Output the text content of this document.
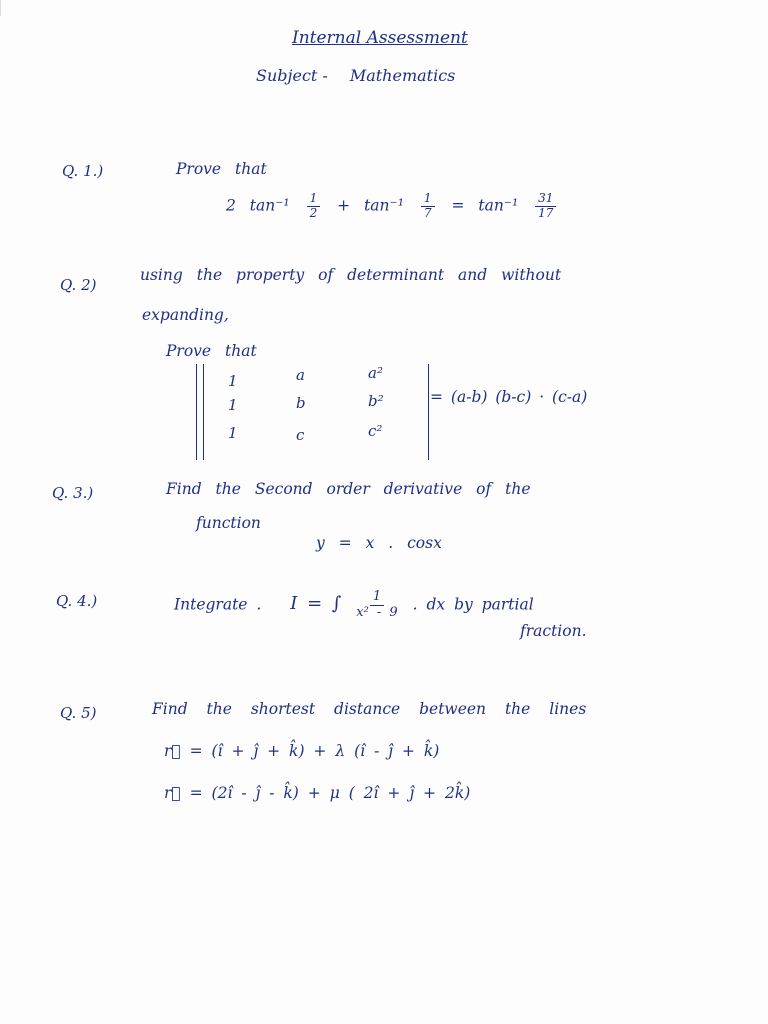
Internal Assessment
Subject - Mathematics
Q. 1.)	Prove that
2 $\tan^{-1} \frac{1}{2} + \tan^{-1} \frac{1}{7} = \tan^{-1} \frac{31}{17}$
Q. 2)
using the property of determinant and without
expanding,
Prove that
1	a	a²
1	b	b²
1	c	c²
= (a-b) (b-c) · (c-a)
Q. 3.)	Find the Second order derivative of the
function
y = x . cosx
Q. 4.)	Integrate . I = ∫ $\frac{1}{\text{x² - 9}}$ . dx by partial
fraction.
Q. 5)	Find the shortest distance between the lines
r⃗ = (î + ĵ + k̂) + λ (î - ĵ + k̂)
r⃗ = (2î - ĵ - k̂) + μ ( 2î + ĵ + 2k̂)
